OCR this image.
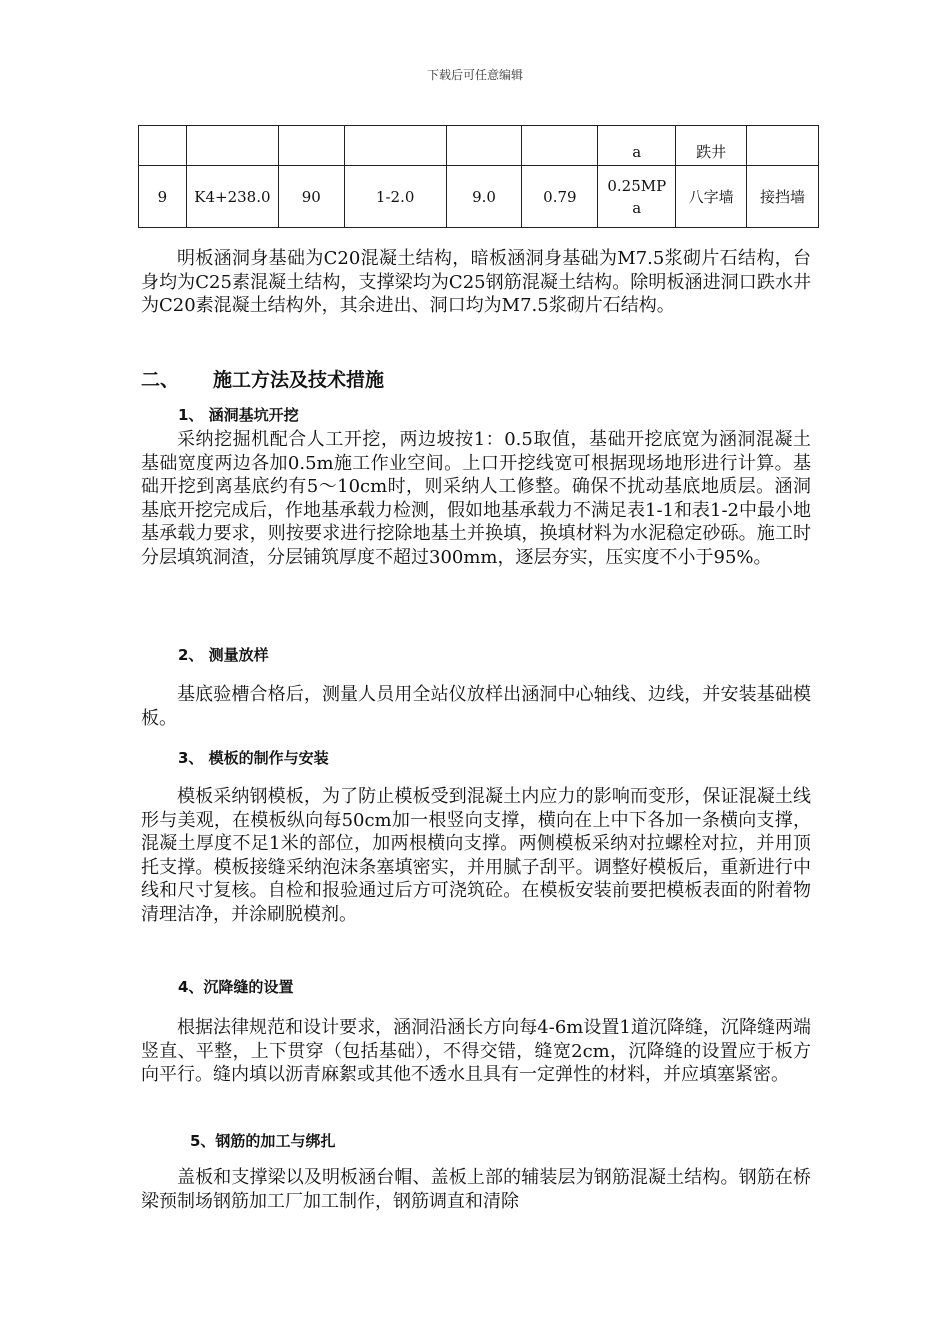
下载后可任意编辑
						a	跌井	
9	K4+238.0	90	1-2.0	9.0	0.79	0.25MPa	八字墙	接挡墙

明板涵洞身基础为C20混凝土结构，暗板涵洞身基础为M7.5浆砌片石结构，台身均为C25素混凝土结构，支撑梁均为C25钢筋混凝土结构。除明板涵进洞口跌水井为C20素混凝土结构外，其余进出、洞口均为M7.5浆砌片石结构。

二、 施工方法及技术措施
1、 涵洞基坑开挖

采纳挖掘机配合人工开挖，两边坡按1：0.5取值，基础开挖底宽为涵洞混凝土基础宽度两边各加0.5m施工作业空间。上口开挖线宽可根据现场地形进行计算。基础开挖到离基底约有5～10cm时，则采纳人工修整。确保不扰动基底地质层。涵洞基底开挖完成后，作地基承载力检测，假如地基承载力不满足表1-1和表1-2中最小地基承载力要求，则按要求进行挖除地基土并换填，换填材料为水泥稳定砂砾。施工时分层填筑洞渣，分层铺筑厚度不超过300mm，逐层夯实，压实度不小于95%。

2、 测量放样

基底验槽合格后，测量人员用全站仪放样出涵洞中心轴线、边线，并安装基础模板。

3、 模板的制作与安装

模板采纳钢模板，为了防止模板受到混凝土内应力的影响而变形，保证混凝土线形与美观，在模板纵向每50cm加一根竖向支撑，横向在上中下各加一条横向支撑，混凝土厚度不足1米的部位，加两根横向支撑。两侧模板采纳对拉螺栓对拉，并用顶托支撑。模板接缝采纳泡沫条塞填密实，并用腻子刮平。调整好模板后，重新进行中线和尺寸复核。自检和报验通过后方可浇筑砼。在模板安装前要把模板表面的附着物清理洁净，并涂刷脱模剂。

4、沉降缝的设置

根据法律规范和设计要求，涵洞沿涵长方向每4-6m设置1道沉降缝，沉降缝两端竖直、平整，上下贯穿（包括基础），不得交错，缝宽2cm，沉降缝的设置应于板方向平行。缝内填以沥青麻絮或其他不透水且具有一定弹性的材料，并应填塞紧密。

5、钢筋的加工与绑扎

盖板和支撑梁以及明板涵台帽、盖板上部的辅装层为钢筋混凝土结构。钢筋在桥梁预制场钢筋加工厂加工制作，钢筋调直和清除
